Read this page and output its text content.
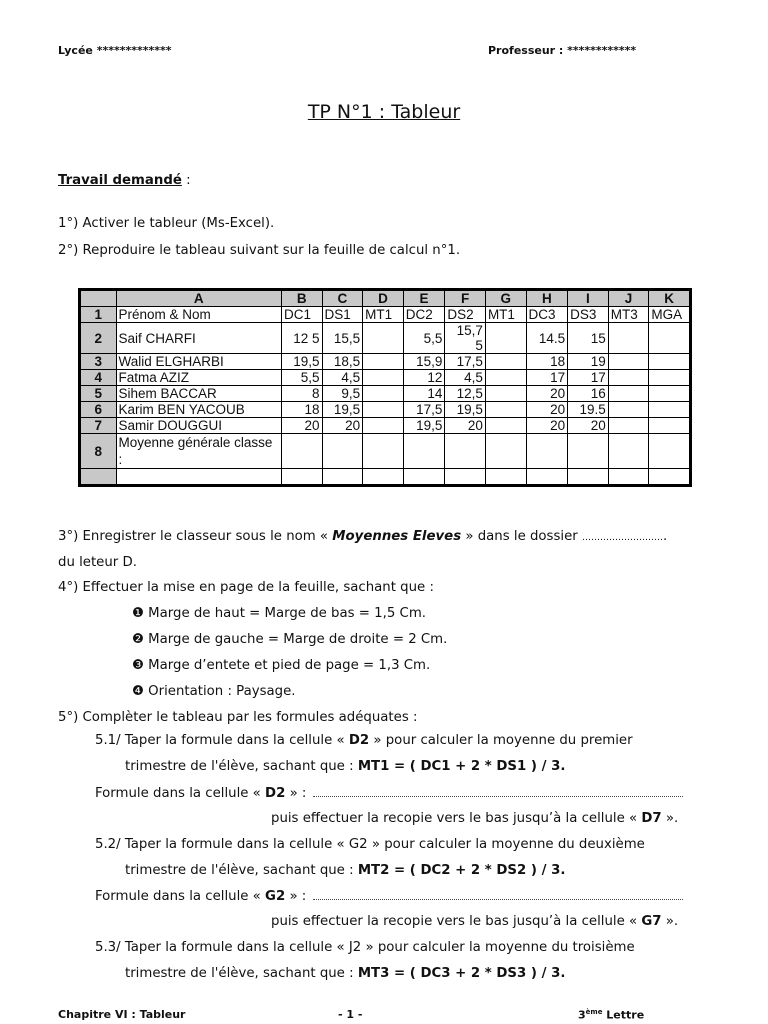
Lycée *************	Professeur : ************
TP N°1 : Tableur
Travail demandé :
1°) Activer le tableur (Ms-Excel).
2°) Reproduire le tableau suivant sur la feuille de calcul n°1.
	A	B	C	D	E	F	G	H	I	J	K
1	Prénom & Nom	DC1	DS1	MT1	DC2	DS2	MT1	DC3	DS3	MT3	MGA
2	Saif CHARFI	12 5	15,5		5,5	15,7 5		14.5	15		
3	Walid ELGHARBI	19,5	18,5		15,9	17,5		18	19		
4	Fatma AZIZ	5,5	4,5		12	4,5		17	17		
5	Sihem BACCAR	8	9,5		14	12,5		20	16		
6	Karim BEN YACOUB	18	19,5		17,5	19,5		20	19.5		
7	Samir DOUGGUI	20	20		19,5	20		20	20		
8	Moyenne générale classe :										

3°) Enregistrer le classeur sous le nom « Moyennes Eleves » dans le dossier ……………………….
du leteur D.
4°) Effectuer la mise en page de la feuille, sachant que :
❶ Marge de haut = Marge de bas = 1,5 Cm.
❷ Marge de gauche = Marge de droite = 2 Cm.
❸ Marge d’entete et pied de page = 1,3 Cm.
❹ Orientation : Paysage.
5°) Complèter le tableau par les formules adéquates :
5.1/ Taper la formule dans la cellule « D2 » pour calculer la moyenne du premier
trimestre de l'élève, sachant que : MT1 = ( DC1 + 2 * DS1 ) / 3.
Formule dans la cellule « D2 » :
puis effectuer la recopie vers le bas jusqu’à la cellule « D7 ».
5.2/ Taper la formule dans la cellule « G2 » pour calculer la moyenne du deuxième
trimestre de l'élève, sachant que : MT2 = ( DC2 + 2 * DS2 ) / 3.
Formule dans la cellule « G2 » :
puis effectuer la recopie vers le bas jusqu’à la cellule « G7 ».
5.3/ Taper la formule dans la cellule « J2 » pour calculer la moyenne du troisième
trimestre de l'élève, sachant que : MT3 = ( DC3 + 2 * DS3 ) / 3.
Chapitre VI : Tableur	- 1 -	3ème Lettre
